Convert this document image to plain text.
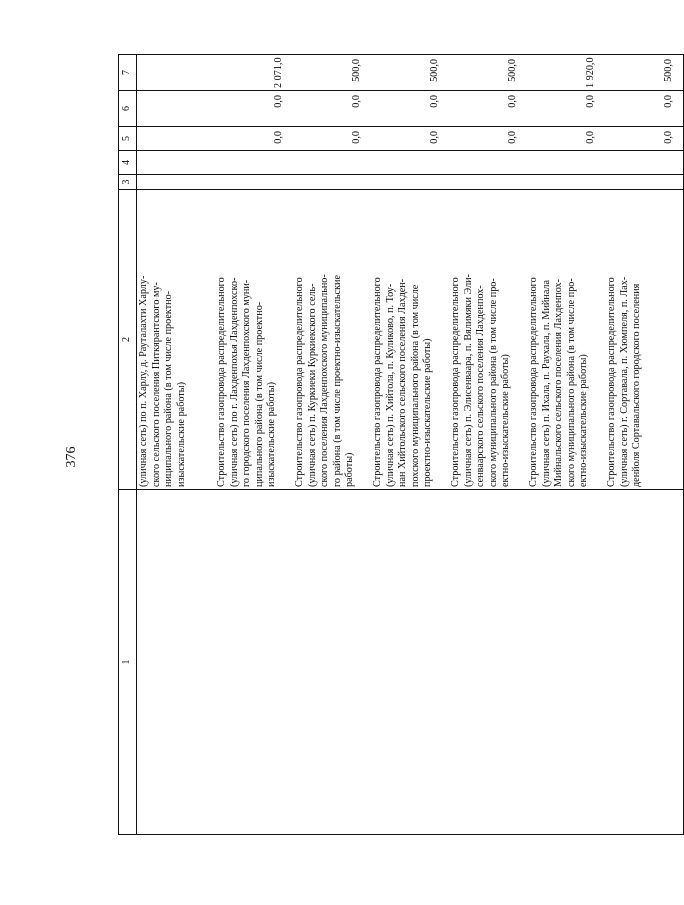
376
1	2	3	4	5	6	7
	(уличная сеть) по п. Харлу, д. Рауталахти Харлу-
ского сельского поселения Питкярантского му-
ниципального района (в том числе проектно-
изыскательские работы)					
	Строительство газопровода распределительного
(уличная сеть) по г. Лахденпохья Лахденпохско-
го городского поселения Лахденпохского муни-
ципального района (в том числе проектно-
изыскательские работы)			0,0	0,0	2 071,0
	Строительство газопровода распределительного
(уличная сеть) п. Куркиеки Куркиекского сель-
ского поселения Лахденпохского муниципально-
го района (в том числе проектно-изыскательские
работы)			0,0	0,0	500,0
	Строительство газопровода распределительного
(уличная сеть) п. Хийтола, п. Куликово, п. Тоу-
нан Хийтольского сельского поселения Лахден-
похского муниципального района (в том числе
проектно-изыскательские работы)			0,0	0,0	500,0
	Строительство газопровода распределительного
(уличная сеть) п. Элисенваара, п. Вялимяки Эли-
сенваарского сельского поселения Лахденпох-
ского муниципального района (в том числе про-
ектно-изыскательские работы)			0,0	0,0	500,0
	Строительство газопровода распределительного
(уличная сеть) п. Ихала, п. Раухала, п. Мийнала
Мийнальского сельского поселения Лахденпох-
ского муниципального района (в том числе про-
ектно-изыскательские работы)			0,0	0,0	1 920,0
	Строительство газопровода распределительного
(уличная сеть) г. Сортавала, п. Хюмпеля, п. Лах-
денйоля Сортавальского городского поселения			0,0	0,0	500,0
